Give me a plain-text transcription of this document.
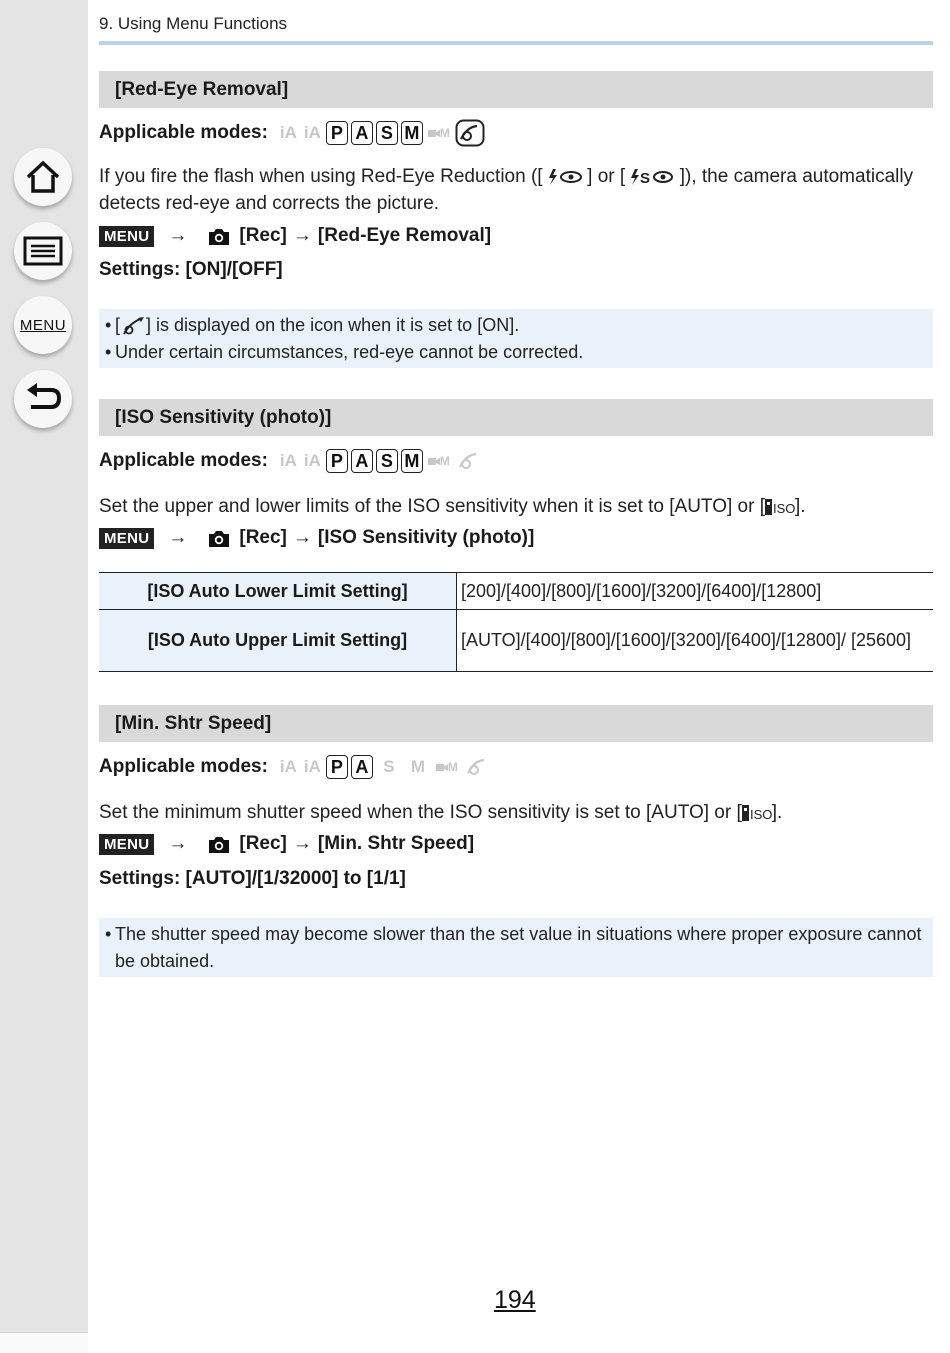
MENU
9. Using Menu Functions
[Red-Eye Removal]
Applicable modes: iA iA P A S M M
If you fire the flash when using Red-Eye Reduction ([ ] or [ S ]), the camera automatically detects red-eye and corrects the picture.
MENU →	[Rec] → [Red-Eye Removal]
Settings: [ON]/[OFF]
• [ ] is displayed on the icon when it is set to [ON].
• Under certain circumstances, red-eye cannot be corrected.
[ISO Sensitivity (photo)]
Applicable modes: iA iA P A S M M
Set the upper and lower limits of the ISO sensitivity when it is set to [AUTO] or [ ISO ].
MENU →	[Rec] → [ISO Sensitivity (photo)]
[ISO Auto Lower Limit Setting]	[200]/[400]/[800]/[1600]/[3200]/[6400]/[12800]
[ISO Auto Upper Limit Setting]	[AUTO]/[400]/[800]/[1600]/[3200]/[6400]/[12800]/ [25600]
[Min. Shtr Speed]
Applicable modes: iA iA P A S M	M
Set the minimum shutter speed when the ISO sensitivity is set to [AUTO] or [ ISO ].
MENU →	[Rec] → [Min. Shtr Speed]
Settings: [AUTO]/[1/32000] to [1/1]
• The shutter speed may become slower than the set value in situations where proper exposure cannot be obtained.
194
